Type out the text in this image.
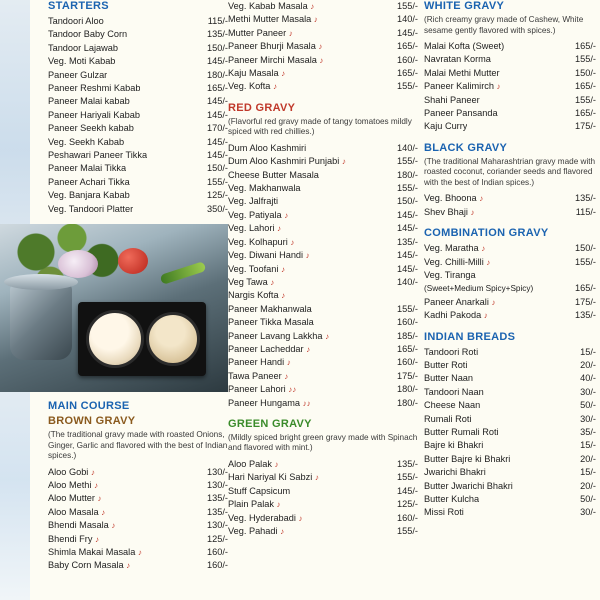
STARTERS
Tandoori Aloo	115/-
Tandoor Baby Corn	135/-
Tandoor Lajawab	150/-
Veg. Moti Kabab	145/-
Paneer Gulzar	180/-
Paneer Reshmi Kabab	165/-
Paneer Malai kabab	145/-
Paneer Hariyali Kabab	145/-
Paneer Seekh kabab	170/-
Veg. Seekh Kabab	145/-
Peshawari Paneer Tikka	145/-
Paneer Malai Tikka	150/-
Paneer Achari Tikka	155/-
Veg. Banjara Kabab	125/-
Veg. Tandoori Platter	350/-
MAIN COURSE
BROWN GRAVY
(The traditional gravy made with roasted Onions, Ginger, Garlic and flavored with the best of Indian spices.)
Aloo Gobi ♪	130/-
Aloo Methi ♪	130/-
Aloo Mutter ♪	135/-
Aloo Masala ♪	135/-
Bhendi Masala ♪	130/-
Bhendi Fry ♪	125/-
Shimla Makai Masala ♪	160/-
Baby Corn Masala ♪	160/-
Veg. Kabab Masala ♪	155/-
Methi Mutter Masala ♪	140/-
Mutter Paneer ♪	145/-
Paneer Bhurji Masala ♪	165/-
Paneer Mirchi Masala ♪	160/-
Kaju Masala ♪	165/-
Veg. Kofta ♪	155/-
RED GRAVY
(Flavorful red gravy made of tangy tomatoes mildly spiced with red chillies.)
Dum Aloo Kashmiri	140/-
Dum Aloo Kashmiri Punjabi ♪	155/-
Cheese Butter Masala	180/-
Veg. Makhanwala	155/-
Veg. Jalfrajti	150/-
Veg. Patiyala ♪	145/-
Veg. Lahori ♪	145/-
Veg. Kolhapuri ♪	135/-
Veg. Diwani Handi ♪	145/-
Veg. Toofani ♪	145/-
Veg Tawa ♪	140/-
Nargis Kofta ♪
Paneer Makhanwala	155/-
Paneer Tikka Masala	160/-
Paneer Lavang Lakkha ♪	185/-
Paneer Lacheddar ♪	165/-
Paneer Handi ♪	160/-
Tawa Paneer ♪	175/-
Paneer Lahori ♪♪	180/-
Paneer Hungama ♪♪	180/-
GREEN GRAVY
(Mildly spiced bright green gravy made with Spinach and flavored with mint.)
Aloo Palak ♪	135/-
Hari Nariyal Ki Sabzi ♪	155/-
Stuff Capsicum	145/-
Plain Palak ♪	125/-
Veg. Hyderabadi ♪	160/-
Veg. Pahadi ♪	155/-
WHITE GRAVY
(Rich creamy gravy made of Cashew, White sesame gently flavored with spices.)
Malai Kofta (Sweet)	165/-
Navratan Korma	155/-
Malai Methi Mutter	150/-
Paneer Kalimirch ♪	165/-
Shahi Paneer	155/-
Paneer Pansanda	165/-
Kaju Curry	175/-
BLACK GRAVY
(The traditional Maharashtrian gravy made with roasted coconut, coriander seeds and flavored with the best of Indian spices.)
Veg. Bhoona ♪	135/-
Shev Bhaji ♪	115/-
COMBINATION GRAVY
Veg. Maratha ♪	150/-
Veg. Chilli-Milli ♪	155/-
Veg. Tiranga
(Sweet+Medium Spicy+Spicy)	165/-
Paneer Anarkali ♪	175/-
Kadhi Pakoda ♪	135/-
INDIAN BREADS
Tandoori Roti	15/-
Butter Roti	20/-
Butter Naan	40/-
Tandoori Naan	30/-
Cheese Naan	50/-
Rumali Roti	30/-
Butter Rumali Roti	35/-
Bajre ki Bhakri	15/-
Butter Bajre ki Bhakri	20/-
Jwarichi Bhakri	15/-
Butter Jwarichi Bhakri	20/-
Butter Kulcha	50/-
Missi Roti	30/-
